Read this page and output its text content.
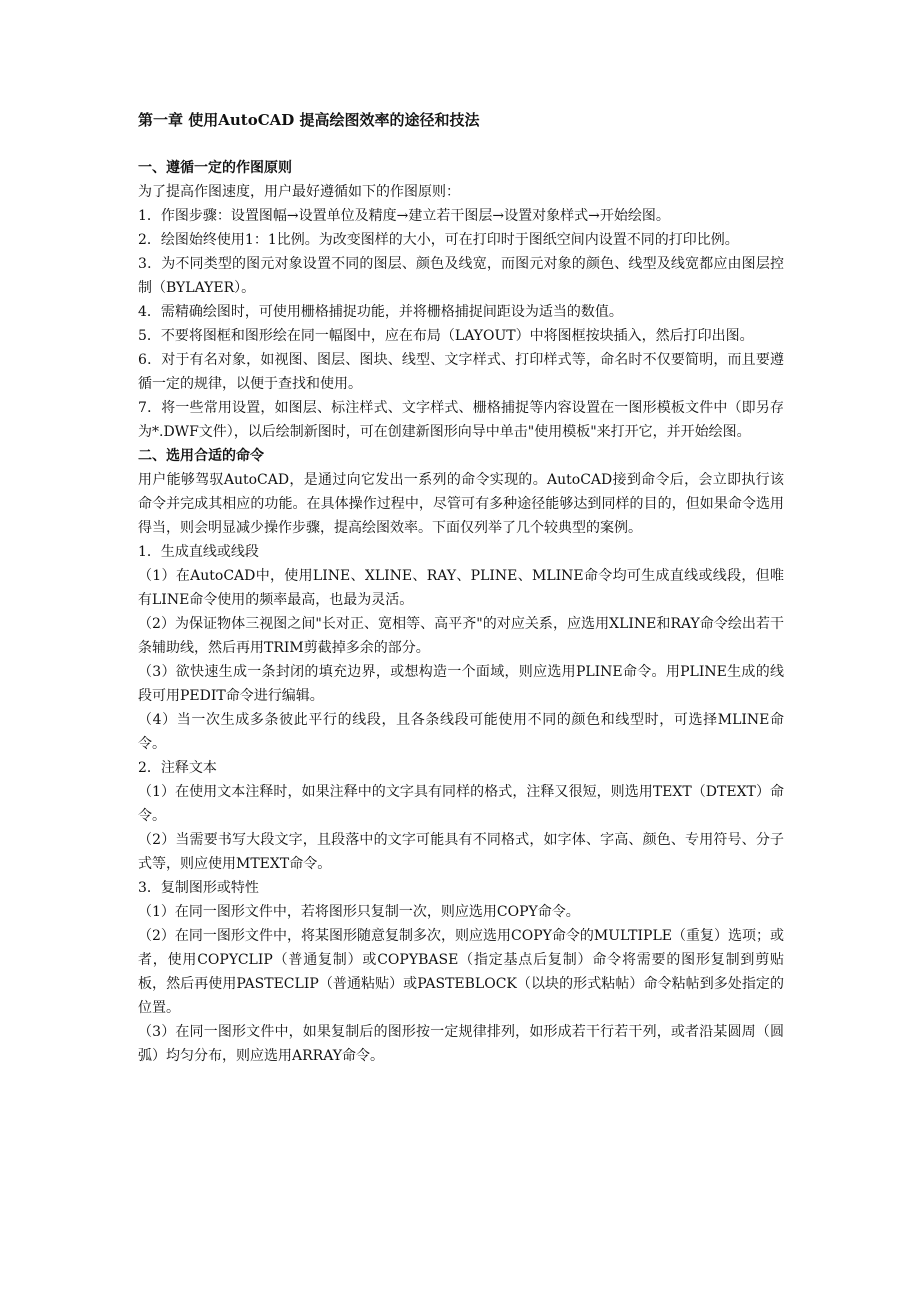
第一章 使用AutoCAD 提高绘图效率的途径和技法

一、遵循一定的作图原则

为了提高作图速度，用户最好遵循如下的作图原则：

1．作图步骤：设置图幅→设置单位及精度→建立若干图层→设置对象样式→开始绘图。

2．绘图始终使用1：1比例。为改变图样的大小，可在打印时于图纸空间内设置不同的打印比例。

3．为不同类型的图元对象设置不同的图层、颜色及线宽，而图元对象的颜色、线型及线宽都应由图层控制（BYLAYER）。

4．需精确绘图时，可使用栅格捕捉功能，并将栅格捕捉间距设为适当的数值。

5．不要将图框和图形绘在同一幅图中，应在布局（LAYOUT）中将图框按块插入，然后打印出图。

6．对于有名对象，如视图、图层、图块、线型、文字样式、打印样式等，命名时不仅要简明，而且要遵循一定的规律，以便于查找和使用。

7．将一些常用设置，如图层、标注样式、文字样式、栅格捕捉等内容设置在一图形模板文件中（即另存为*.DWF文件），以后绘制新图时，可在创建新图形向导中单击"使用模板"来打开它，并开始绘图。

二、选用合适的命令

用户能够驾驭AutoCAD，是通过向它发出一系列的命令实现的。AutoCAD接到命令后，会立即执行该命令并完成其相应的功能。在具体操作过程中，尽管可有多种途径能够达到同样的目的，但如果命令选用得当，则会明显减少操作步骤，提高绘图效率。下面仅列举了几个较典型的案例。

1．生成直线或线段

（1）在AutoCAD中，使用LINE、XLINE、RAY、PLINE、MLINE命令均可生成直线或线段，但唯有LINE命令使用的频率最高，也最为灵活。

（2）为保证物体三视图之间"长对正、宽相等、高平齐"的对应关系，应选用XLINE和RAY命令绘出若干条辅助线，然后再用TRIM剪截掉多余的部分。

（3）欲快速生成一条封闭的填充边界，或想构造一个面域，则应选用PLINE命令。用PLINE生成的线段可用PEDIT命令进行编辑。

（4）当一次生成多条彼此平行的线段，且各条线段可能使用不同的颜色和线型时，可选择MLINE命令。

2．注释文本

（1）在使用文本注释时，如果注释中的文字具有同样的格式，注释又很短，则选用TEXT（DTEXT）命令。

（2）当需要书写大段文字，且段落中的文字可能具有不同格式，如字体、字高、颜色、专用符号、分子式等，则应使用MTEXT命令。

3．复制图形或特性

（1）在同一图形文件中，若将图形只复制一次，则应选用COPY命令。

（2）在同一图形文件中，将某图形随意复制多次，则应选用COPY命令的MULTIPLE（重复）选项；或者，使用COPYCLIP（普通复制）或COPYBASE（指定基点后复制）命令将需要的图形复制到剪贴板，然后再使用PASTECLIP（普通粘贴）或PASTEBLOCK（以块的形式粘帖）命令粘帖到多处指定的位置。

（3）在同一图形文件中，如果复制后的图形按一定规律排列，如形成若干行若干列，或者沿某圆周（圆弧）均匀分布，则应选用ARRAY命令。
